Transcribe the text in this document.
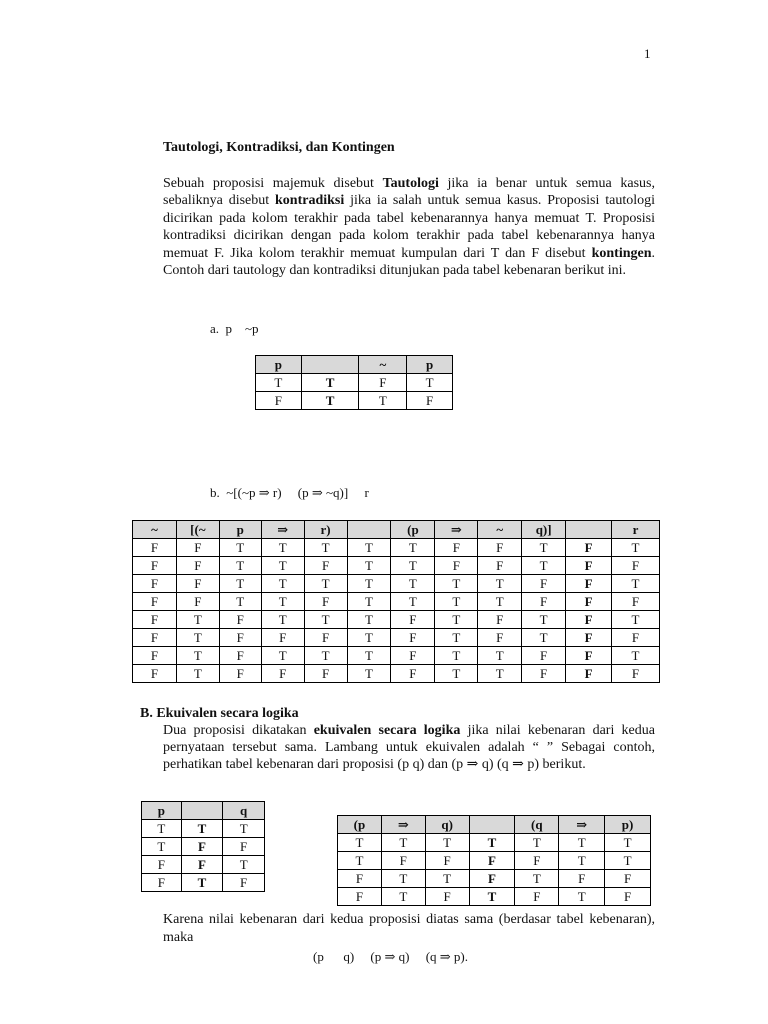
1
Tautologi, Kontradiksi, dan Kontingen
Sebuah proposisi majemuk disebut Tautologi jika ia benar untuk semua kasus, sebaliknya disebut kontradiksi jika ia salah untuk semua kasus. Proposisi tautologi dicirikan pada kolom terakhir pada tabel kebenarannya hanya memuat T. Proposisi kontradiksi dicirikan dengan pada kolom terakhir pada tabel kebenarannya hanya memuat F. Jika kolom terakhir memuat kumpulan dari T dan F disebut kontingen. Contoh dari tautology dan kontradiksi ditunjukan pada tabel kebenaran berikut ini.
a.  p    ~p
p		~	p
T	T	F	T
F	T	T	F
b.  ~[(~p ⇒ r)     (p ⇒ ~q)]     r
~	[(~	p	⇒	r)		(p	⇒	~	q)]		r
F	F	T	T	T	T	T	F	F	T	F	T
F	F	T	T	F	T	T	F	F	T	F	F
F	F	T	T	T	T	T	T	T	F	F	T
F	F	T	T	F	T	T	T	T	F	F	F
F	T	F	T	T	T	F	T	F	T	F	T
F	T	F	F	F	T	F	T	F	T	F	F
F	T	F	T	T	T	F	T	T	F	F	T
F	T	F	F	F	T	F	T	T	F	F	F
B. Ekuivalen secara logika
Dua proposisi dikatakan ekuivalen secara logika jika nilai kebenaran dari kedua pernyataan tersebut sama. Lambang untuk ekuivalen adalah “ ” Sebagai contoh, perhatikan tabel kebenaran dari proposisi (p q) dan (p ⇒ q) (q ⇒ p) berikut.
p		q
T	T	T
T	F	F
F	F	T
F	T	F
(p	⇒	q)		(q	⇒	p)
T	T	T	T	T	T	T
T	F	F	F	F	T	T
F	T	T	F	T	F	F
F	T	F	T	F	T	F
Karena nilai kebenaran dari kedua proposisi diatas sama (berdasar tabel kebenaran), maka
(p      q)     (p ⇒ q)     (q ⇒ p).
